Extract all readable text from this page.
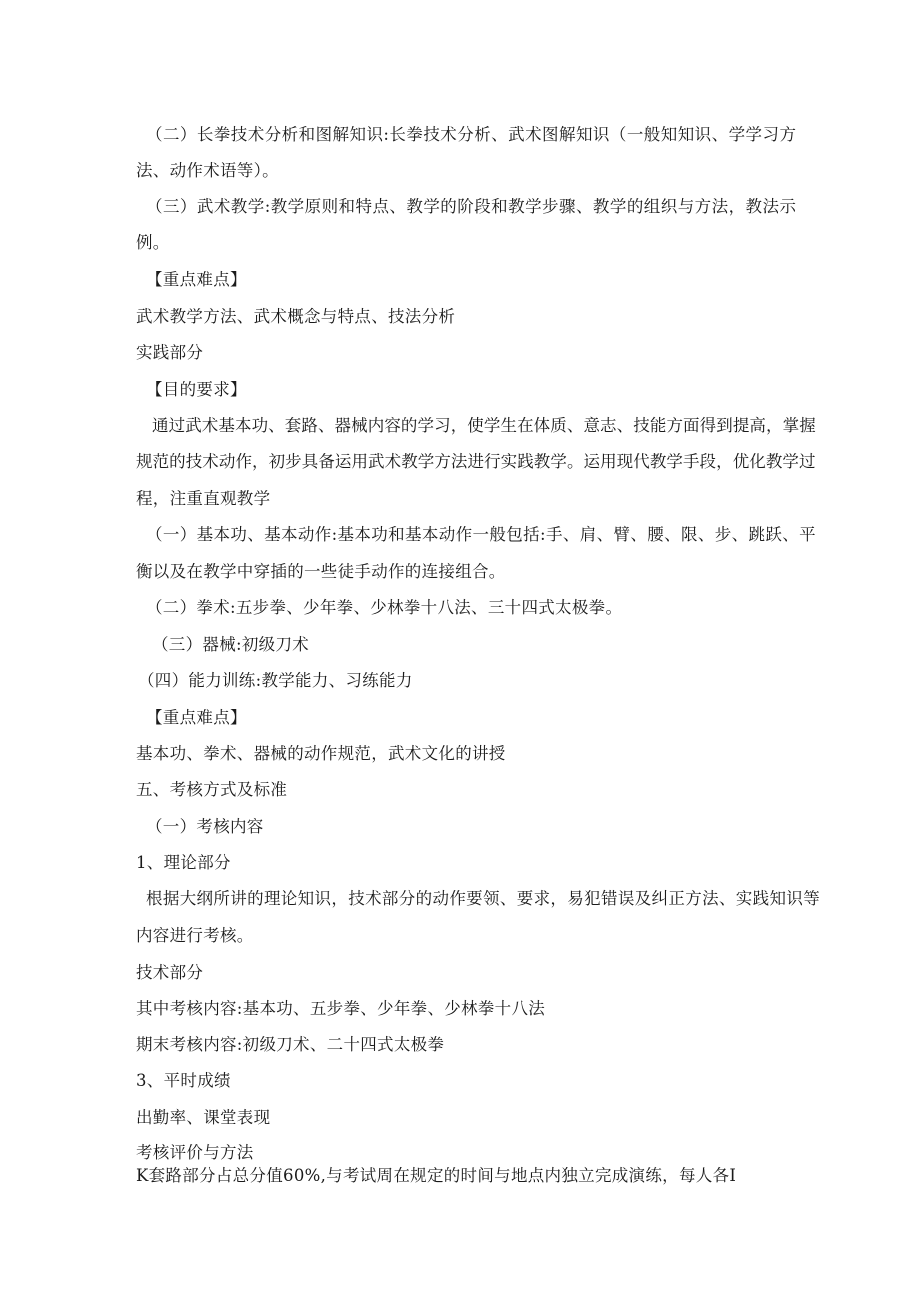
（二）长拳技术分析和图解知识:长拳技术分析、武术图解知识（一般知知识、学学习方
法、动作术语等）。
（三）武术教学:教学原则和特点、教学的阶段和教学步骤、教学的组织与方法，教法示
例。
【重点难点】
武术教学方法、武术概念与特点、技法分析
实践部分
【目的要求】
通过武术基本功、套路、器械内容的学习，使学生在体质、意志、技能方面得到提高，掌握
规范的技术动作，初步具备运用武术教学方法进行实践教学。运用现代教学手段，优化教学过
程，注重直观教学
（一）基本功、基本动作:基本功和基本动作一般包括:手、肩、臂、腰、限、步、跳跃、平
衡以及在教学中穿插的一些徒手动作的连接组合。
（二）拳术:五步拳、少年拳、少林拳十八法、三十四式太极拳。
（三）器械:初级刀术
（四）能力训练:教学能力、习练能力
【重点难点】
基本功、拳术、器械的动作规范，武术文化的讲授
五、考核方式及标准
（一）考核内容
1、理论部分
根据大纲所讲的理论知识，技术部分的动作要领、要求，易犯错误及纠正方法、实践知识等
内容进行考核。
技术部分
其中考核内容:基本功、五步拳、少年拳、少林拳十八法
期末考核内容:初级刀术、二十四式太极拳
3、平时成绩
出勤率、课堂表现
考核评价与方法
K套路部分占总分值60%,与考试周在规定的时间与地点内独立完成演练，每人各I
